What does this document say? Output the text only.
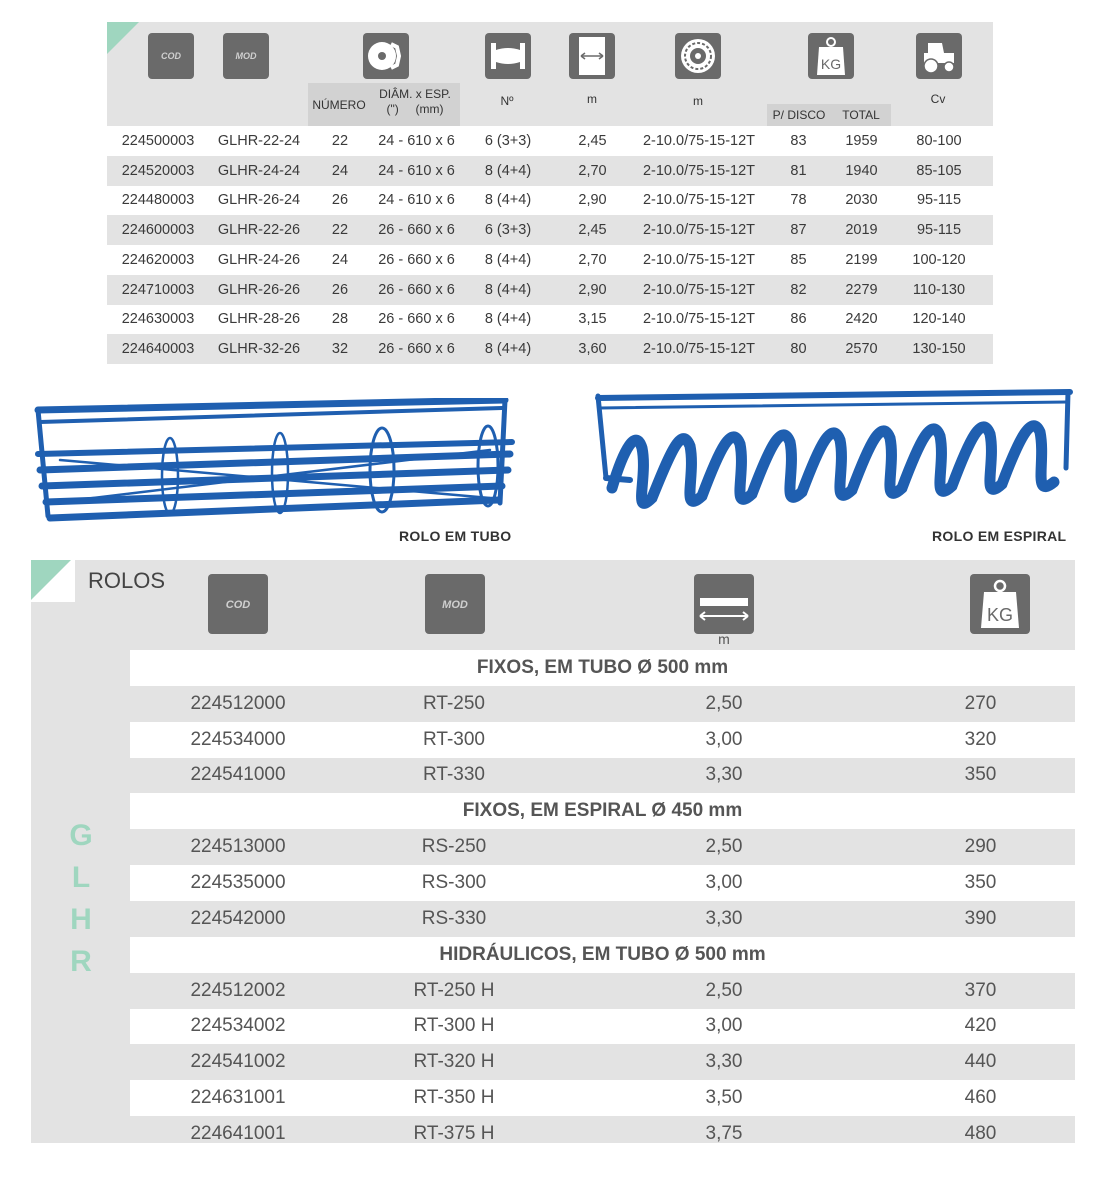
COD	MOD	KG
NÚMERO
DIÂM. x ESP.
(")     (mm)
Nº	m	m
P/ DISCO	TOTAL
Cv
224500003	GLHR-22-24	22	24 - 610 x 6	6 (3+3)	2,45	2-10.0/75-15-12T	83	1959	80-100
224520003	GLHR-24-24	24	24 - 610 x 6	8 (4+4)	2,70	2-10.0/75-15-12T	81	1940	85-105
224480003	GLHR-26-24	26	24 - 610 x 6	8 (4+4)	2,90	2-10.0/75-15-12T	78	2030	95-115
224600003	GLHR-22-26	22	26 - 660 x 6	6 (3+3)	2,45	2-10.0/75-15-12T	87	2019	95-115
224620003	GLHR-24-26	24	26 - 660 x 6	8 (4+4)	2,70	2-10.0/75-15-12T	85	2199	100-120
224710003	GLHR-26-26	26	26 - 660 x 6	8 (4+4)	2,90	2-10.0/75-15-12T	82	2279	110-130
224630003	GLHR-28-26	28	26 - 660 x 6	8 (4+4)	3,15	2-10.0/75-15-12T	86	2420	120-140
224640003	GLHR-32-26	32	26 - 660 x 6	8 (4+4)	3,60	2-10.0/75-15-12T	80	2570	130-150
ROLO EM TUBO	ROLO EM ESPIRAL
ROLOS
COD	MOD
m
KG
G
L
H
R
FIXOS, EM TUBO Ø 500 mm
224512000	RT-250	2,50	270
224534000	RT-300	3,00	320
224541000	RT-330	3,30	350
FIXOS, EM ESPIRAL Ø 450 mm
224513000	RS-250	2,50	290
224535000	RS-300	3,00	350
224542000	RS-330	3,30	390
HIDRÁULICOS, EM TUBO Ø 500 mm
224512002	RT-250 H	2,50	370
224534002	RT-300 H	3,00	420
224541002	RT-320 H	3,30	440
224631001	RT-350 H	3,50	460
224641001	RT-375 H	3,75	480
